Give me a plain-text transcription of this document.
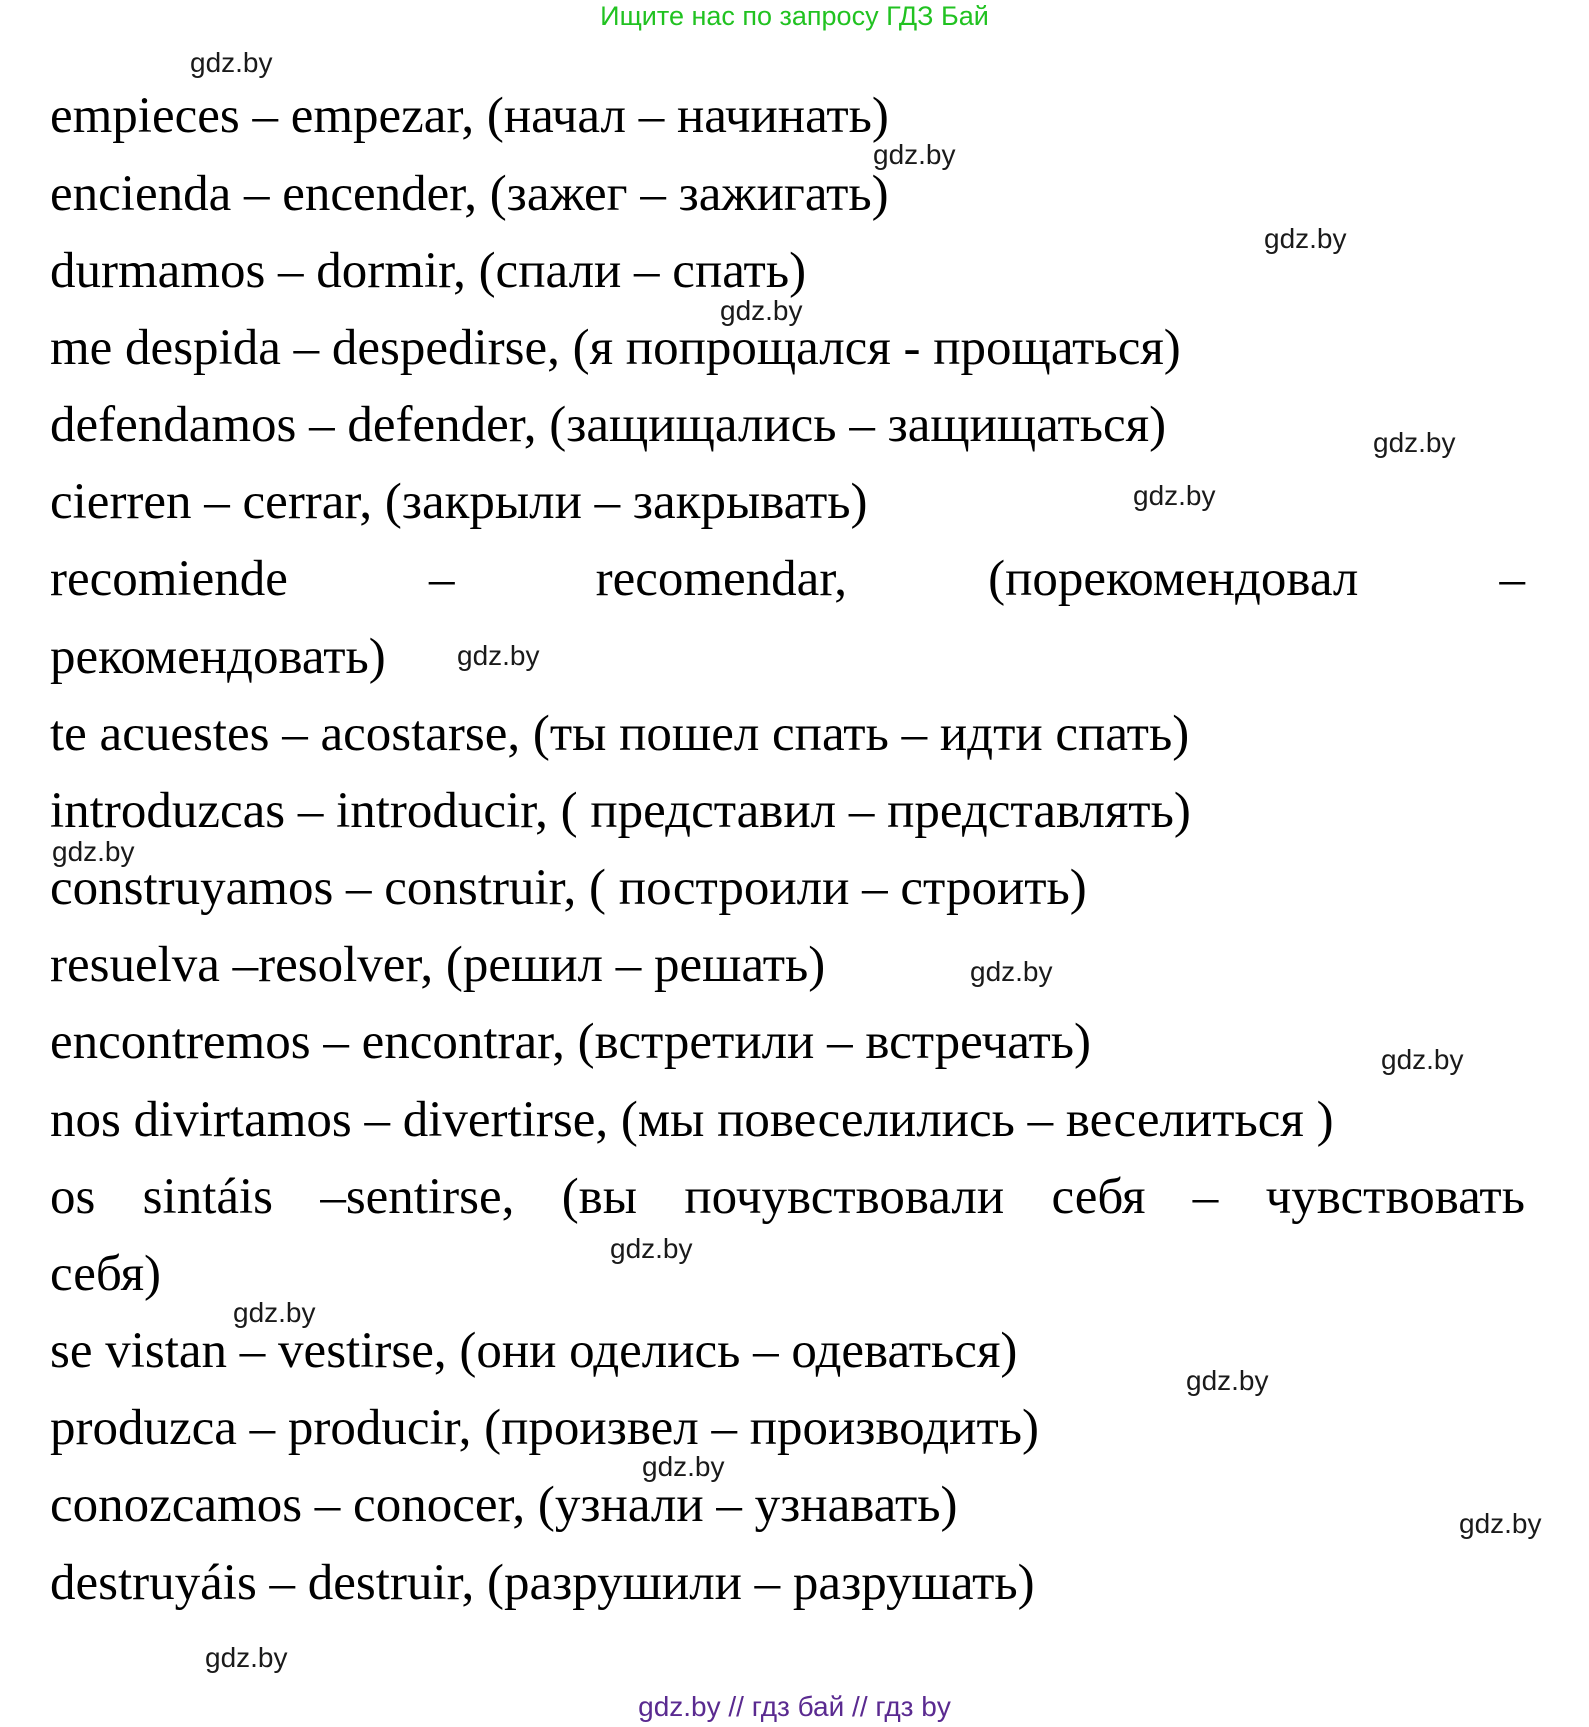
Ищите нас по запросу ГДЗ Бай
empieces – empezar, (начал – начинать)
encienda – encender, (зажег – зажигать)
durmamos – dormir, (спали – спать)
me despida – despedirse, (я попрощался - прощаться)
defendamos – defender, (защищались – защищаться)
cierren – cerrar, (закрыли – закрывать)
recomiende	–	recomendar,	(порекомендовал	–
рекомендовать)
te acuestes – acostarse, (ты пошел спать – идти спать)
introduzcas – introducir, ( представил – представлять)
construyamos – construir, ( построили – строить)
resuelva –resolver, (решил – решать)
encontremos – encontrar, (встретили – встречать)
nos divirtamos – divertirse, (мы повеселились – веселиться )
os sintáis –sentirse, (вы почувствовали себя – чувствовать
себя)
se vistan – vestirse, (они оделись – одеваться)
produzca – producir, (произвел – производить)
conozcamos – conocer, (узнали – узнавать)
destruyáis – destruir, (разрушили – разрушать)
gdz.by
gdz.by
gdz.by
gdz.by
gdz.by
gdz.by
gdz.by
gdz.by
gdz.by
gdz.by
gdz.by
gdz.by
gdz.by
gdz.by
gdz.by
gdz.by
gdz.by // гдз бай // гдз by
